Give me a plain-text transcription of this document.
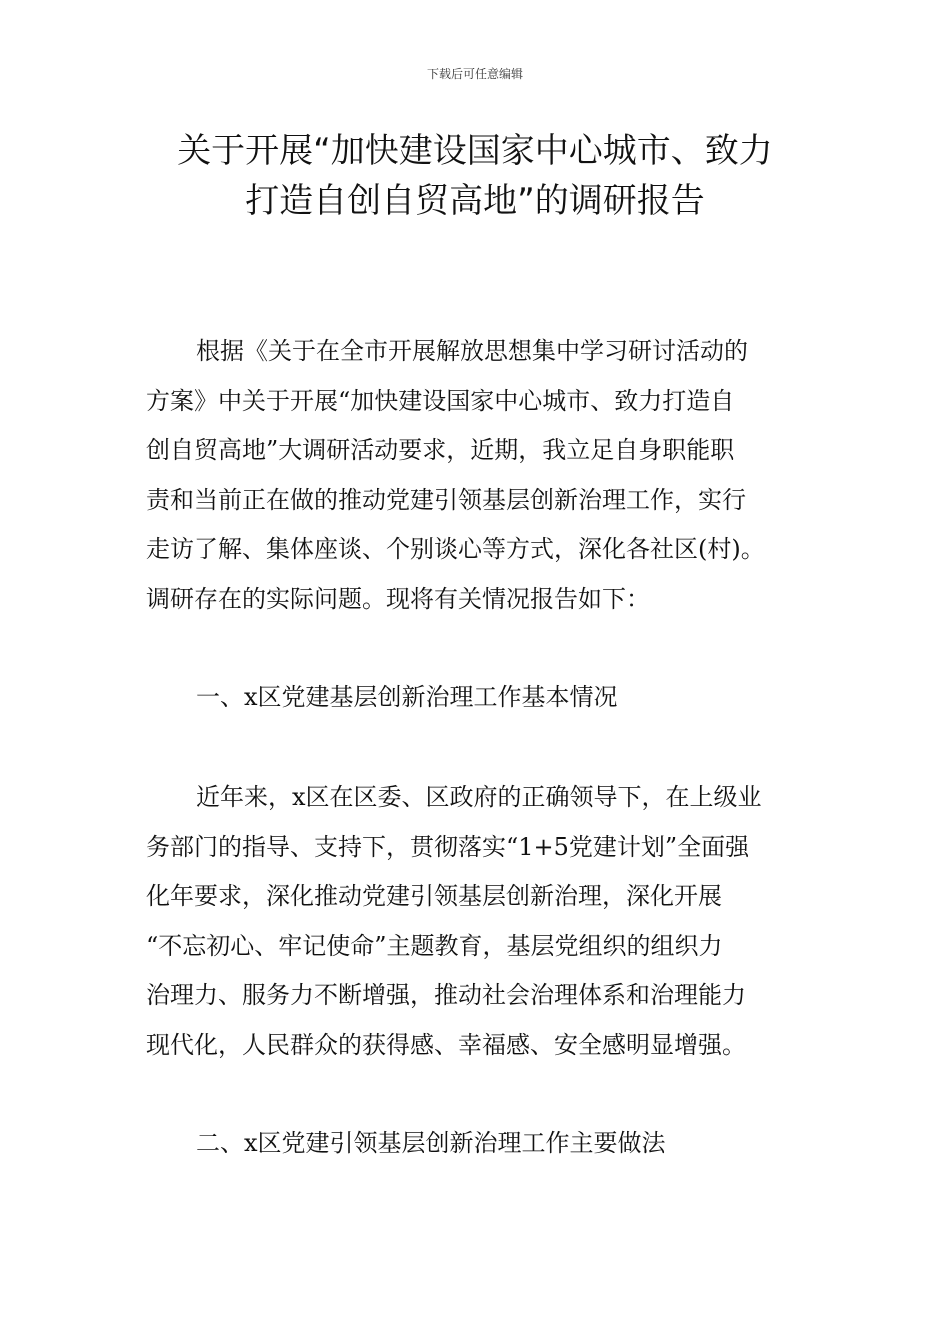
下载后可任意编辑
关于开展“加快建设国家中心城市、致力
打造自创自贸高地”的调研报告
根据《关于在全市开展解放思想集中学习研讨活动的
方案》中关于开展“加快建设国家中心城市、致力打造自
创自贸高地”大调研活动要求，近期，我立足自身职能职
责和当前正在做的推动党建引领基层创新治理工作，实行
走访了解、集体座谈、个别谈心等方式，深化各社区(村)。
调研存在的实际问题。现将有关情况报告如下：
一、x区党建基层创新治理工作基本情况
近年来，x区在区委、区政府的正确领导下，在上级业
务部门的指导、支持下，贯彻落实“1+5党建计划”全面强
化年要求，深化推动党建引领基层创新治理，深化开展
“不忘初心、牢记使命”主题教育，基层党组织的组织力
治理力、服务力不断增强，推动社会治理体系和治理能力
现代化，人民群众的获得感、幸福感、安全感明显增强。
二、x区党建引领基层创新治理工作主要做法
